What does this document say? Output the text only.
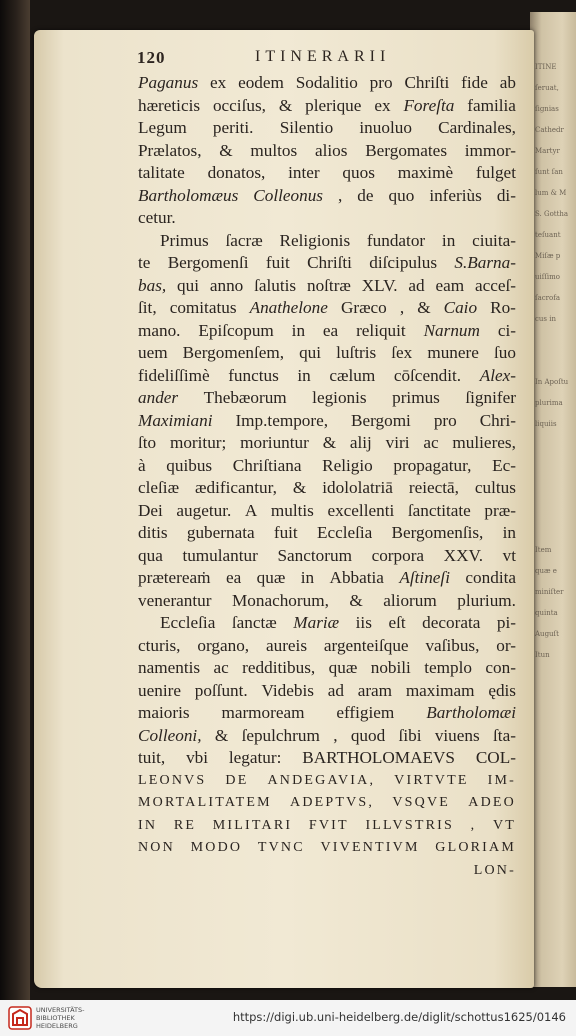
ITINE
ſeruat,
ſignias
Cathedr
Martyr
ſunt ſan
lum & M
S. Gottha
teſuant
Miſæ p
uiſſimo
ſacrofa
cus in
In Apoſtu
plurima
liquiis
Item
quæ e
miniſter
quinta
Auguſt
Itun
120	ITINERARII
Paganus ex eodem Sodalitio pro Chriſti fide ab
hæreticis occiſus, & plerique ex Foreſta familia
Legum periti. Silentio inuoluo Cardinales,
Prælatos, & multos alios Bergomates immor-
talitate donatos, inter quos maximè fulget
Bartholomæus Colleonus , de quo inferiùs di-
cetur.
Primus ſacræ Religionis fundator in ciuita-
te Bergomenſi fuit Chriſti diſcipulus S.Barna-
bas, qui anno ſalutis noſtræ XLV. ad eam acceſ-
ſit, comitatus Anathelone Græco , & Caio Ro-
mano. Epiſcopum in ea reliquit Narnum ci-
uem Bergomenſem, qui luſtris ſex munere ſuo
fideliſſimè functus in cælum cōſcendit. Alex-
ander Thebæorum legionis primus ſignifer
Maximiani Imp.tempore, Bergomi pro Chri-
ſto moritur; moriuntur & alij viri ac mulieres,
à quibus Chriſtiana Religio propagatur, Ec-
cleſiæ ædificantur, & idololatriā reiectā, cultus
Dei augetur. A multis excellenti ſanctitate præ-
ditis gubernata fuit Eccleſia Bergomenſis, in
qua tumulantur Sanctorum corpora XXV. vt
prætereaṁ ea quæ in Abbatia Aſtineſi condita
venerantur Monachorum, & aliorum plurium.
Eccleſia ſanctæ Mariæ iis eſt decorata pi-
cturis, organo, aureis argenteiſque vaſibus, or-
namentis ac redditibus, quæ nobili templo con-
uenire poſſunt. Videbis ad aram maximam ędis
maioris marmoream effigiem Bartholomæi
Colleoni, & ſepulchrum , quod ſibi viuens ſta-
tuit, vbi legatur: BARTHOLOMAEVS COL-
LEONVS DE ANDEGAVIA, VIRTVTE IM-
MORTALITATEM ADEPTVS, VSQVE ADEO
IN RE MILITARI FVIT ILLVSTRIS , VT
NON MODO TVNC VIVENTIVM GLORIAM
LON-
UNIVERSITÄTS-
BIBLIOTHEK
HEIDELBERG
https://digi.ub.uni-heidelberg.de/diglit/schottus1625/0146
